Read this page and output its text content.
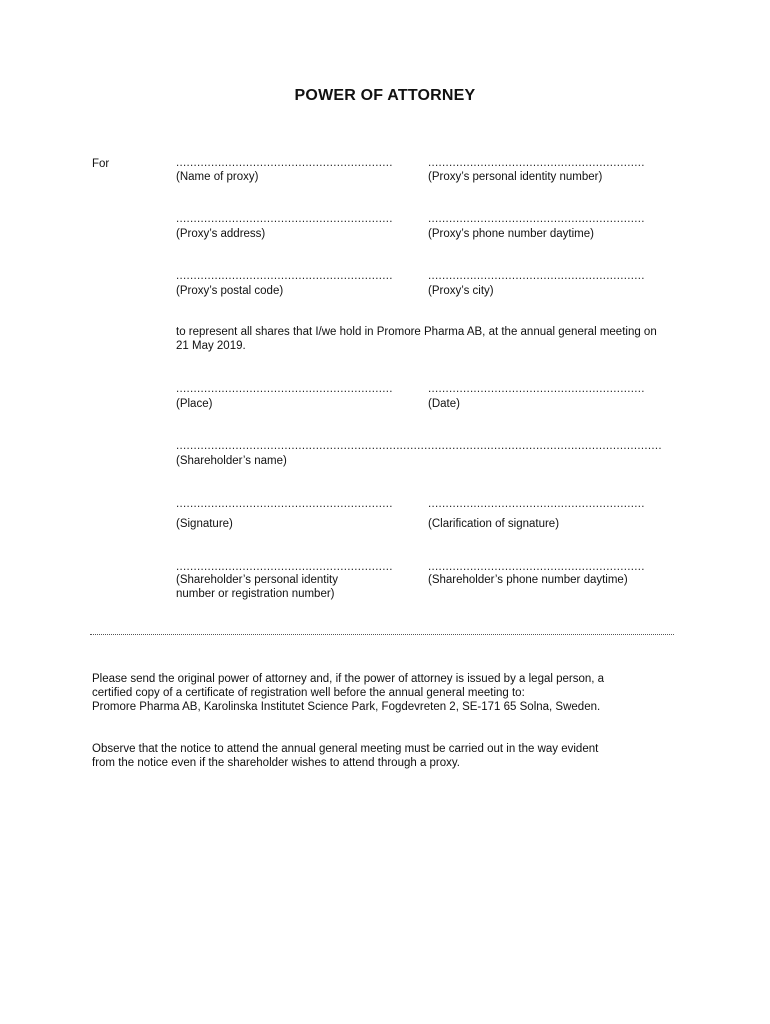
POWER OF ATTORNEY
For	..............................................................
(Name of proxy)
..............................................................
(Proxy’s personal identity number)
..............................................................
(Proxy’s address)
..............................................................
(Proxy’s phone number daytime)
..............................................................
(Proxy’s postal code)
..............................................................
(Proxy’s city)
to represent all shares that I/we hold in Promore Pharma AB, at the annual general meeting on 21 May 2019.
..............................................................
(Place)
..............................................................
(Date)
...........................................................................................................................................
(Shareholder’s name)
..............................................................
(Signature)
..............................................................
(Clarification of signature)
..............................................................
(Shareholder’s personal identity
number or registration number)
..............................................................
(Shareholder’s phone number daytime)
Please send the original power of attorney and, if the power of attorney is issued by a legal person, a
certified copy of a certificate of registration well before the annual general meeting to:
Promore Pharma AB, Karolinska Institutet Science Park, Fogdevreten 2, SE-171 65 Solna, Sweden.
Observe that the notice to attend the annual general meeting must be carried out in the way evident
from the notice even if the shareholder wishes to attend through a proxy.
